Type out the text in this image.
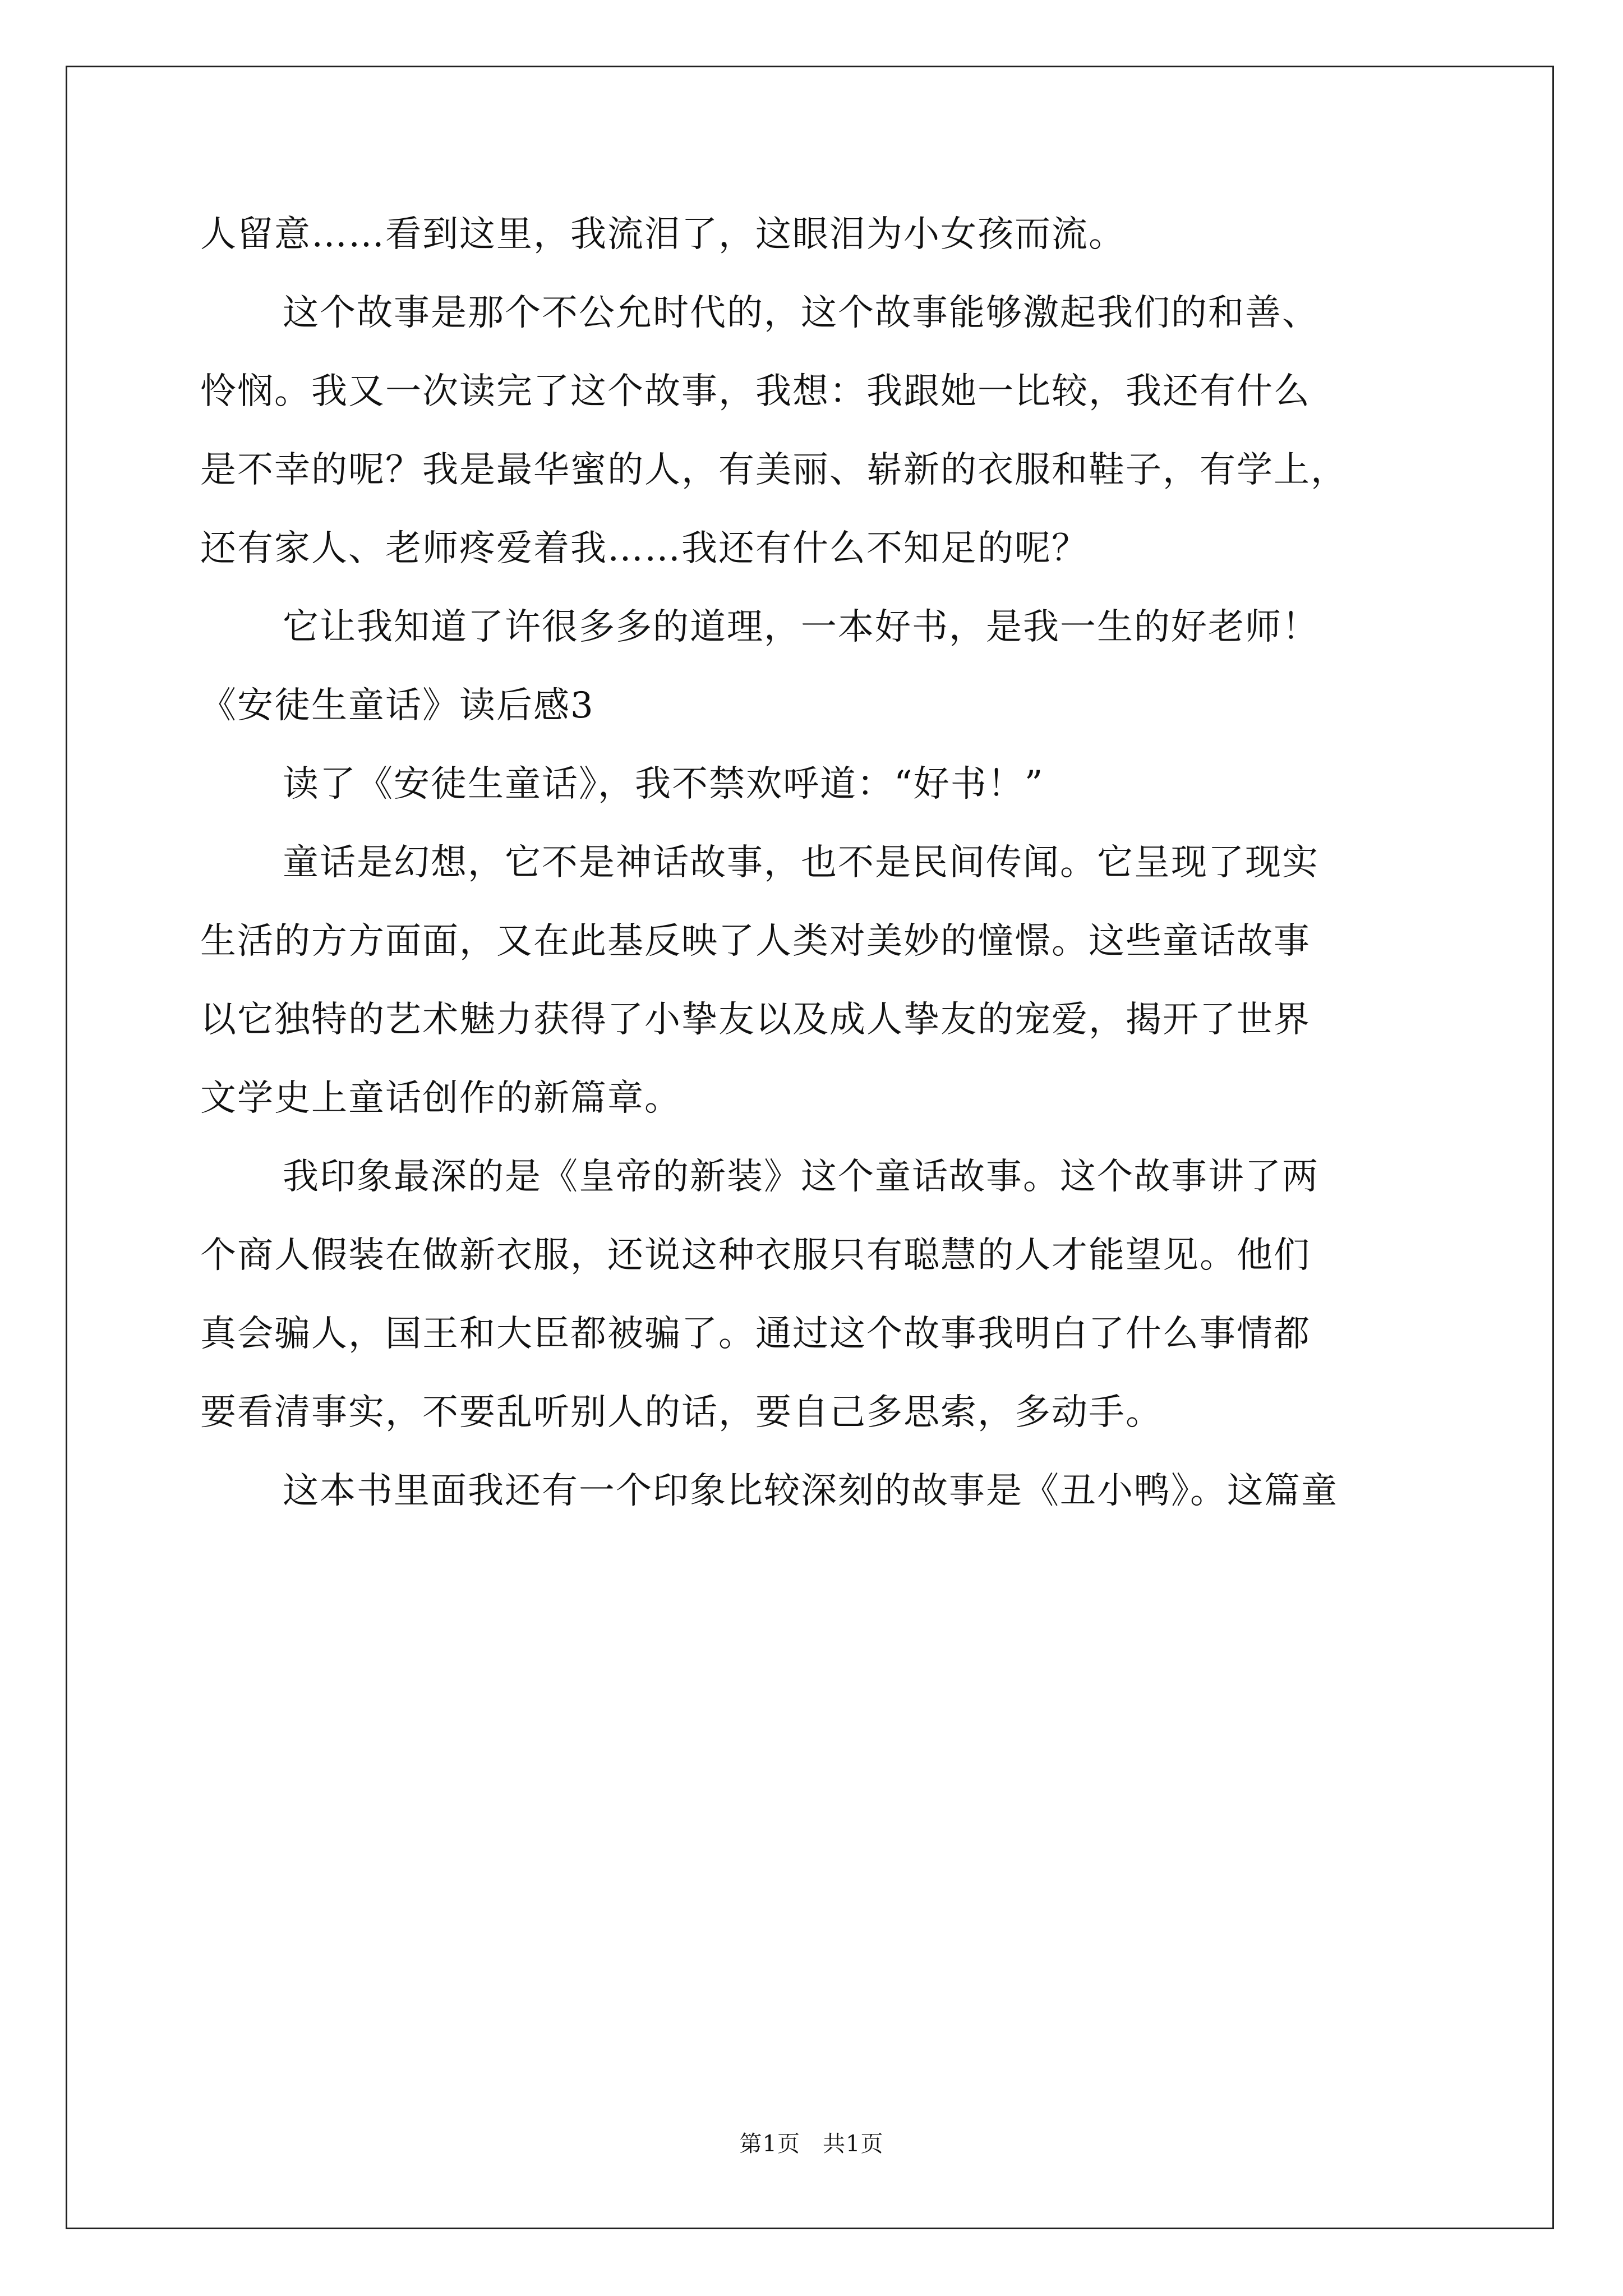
人留意……看到这里，我流泪了，这眼泪为小女孩而流。
这个故事是那个不公允时代的，这个故事能够激起我们的和善、
怜悯。我又一次读完了这个故事，我想：我跟她一比较，我还有什么
是不幸的呢？我是最华蜜的人，有美丽、崭新的衣服和鞋子，有学上，
还有家人、老师疼爱着我……我还有什么不知足的呢？
它让我知道了许很多多的道理，一本好书，是我一生的好老师！
《安徒生童话》读后感3
读了《安徒生童话》，我不禁欢呼道：“好书！”
童话是幻想，它不是神话故事，也不是民间传闻。它呈现了现实
生活的方方面面，又在此基反映了人类对美妙的憧憬。这些童话故事
以它独特的艺术魅力获得了小挚友以及成人挚友的宠爱，揭开了世界
文学史上童话创作的新篇章。
我印象最深的是《皇帝的新装》这个童话故事。这个故事讲了两
个商人假装在做新衣服，还说这种衣服只有聪慧的人才能望见。他们
真会骗人，国王和大臣都被骗了。通过这个故事我明白了什么事情都
要看清事实，不要乱听别人的话，要自己多思索，多动手。
这本书里面我还有一个印象比较深刻的故事是《丑小鸭》。这篇童
第1页 共1页
